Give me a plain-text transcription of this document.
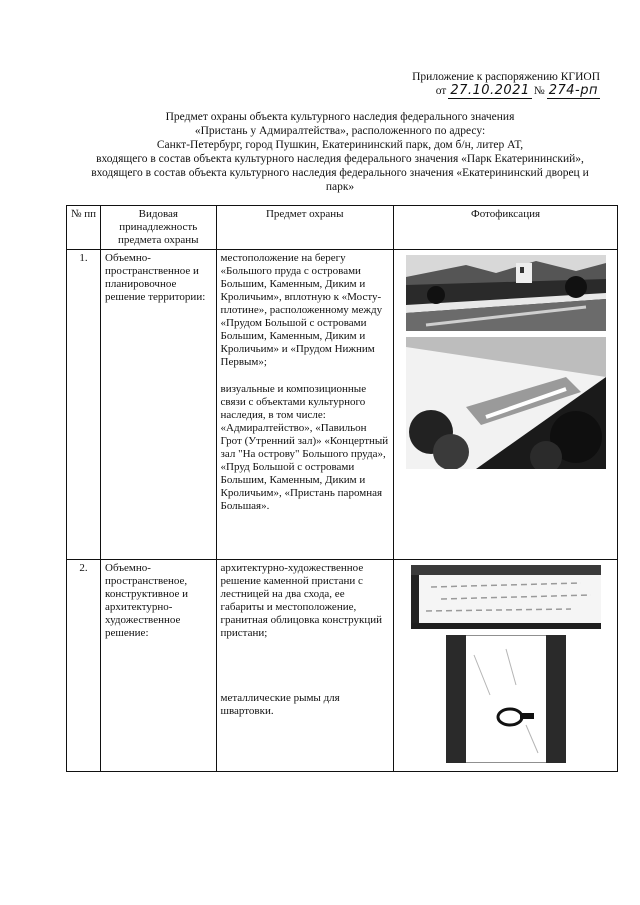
Приложение к распоряжению КГИОП
от 27.10.2021 № 274-рп
Предмет охраны объекта культурного наследия федерального значения
«Пристань у Адмиралтейства», расположенного по адресу:
Санкт-Петербург, город Пушкин, Екатерининский парк, дом б/н, литер АТ,
входящего в состав объекта культурного наследия федерального значения «Парк Екатерининский»,
входящего в состав объекта культурного наследия федерального значения «Екатерининский дворец и
парк»
№ пп	Видовая принадлежность предмета охраны	Предмет охраны	Фотофиксация
1.	Объемно-пространственное и планировочное решение территории:	местоположение на берегу «Большого пруда с островами Большим, Каменным, Диким и Кроличьим», вплотную к «Мосту-плотине», расположенному между «Прудом Большой с островами Большим, Каменным, Диким и Кроличьим» и «Прудом Нижним Первым»;
визуальные и композиционные связи с объектами культурного наследия, в том числе: «Адмиралтейство», «Павильон Грот (Утренний зал)» «Концертный зал "На острову" Большого пруда», «Пруд Большой с островами Большим, Каменным, Диким и Кроличьим», «Пристань паромная Большая».

2.	Объемно-пространственое, конструктивное и архитектурно-художественное решение:	архитектурно-художественное решение каменной пристани с лестницей на два схода, ее габариты и местоположение, гранитная облицовка конструкций пристани;
металлические рымы для швартовки.
